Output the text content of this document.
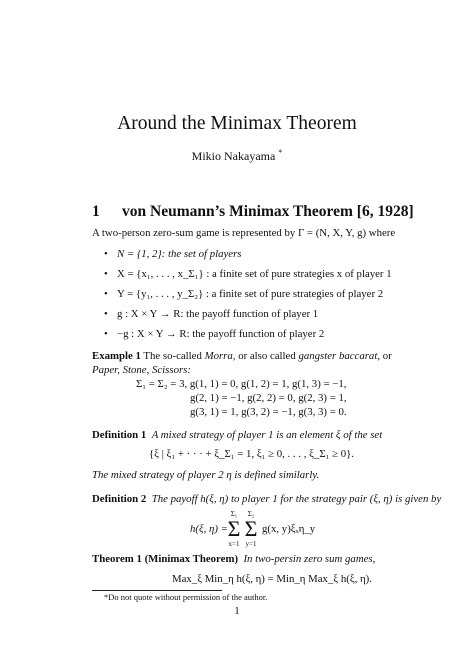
Around the Minimax Theorem
Mikio Nakayama *
1 von Neumann’s Minimax Theorem [6, 1928]
A two-person zero-sum game is represented by Γ = (N, X, Y, g) where
• N = {1, 2}: the set of players
• X = {x₁, . . . , x_Σ₁} : a finite set of pure strategies x of player 1
• Y = {y₁, . . . , y_Σ₂} : a finite set of pure strategies of player 2
• g : X × Y → R: the payoff function of player 1
• −g : X × Y → R: the payoff function of player 2
Example 1 The so-called Morra, or also called gangster baccarat, or Paper, Stone, Scissors:
Σ₁ = Σ₂ = 3, g(1, 1) = 0, g(1, 2) = 1, g(1, 3) = −1,
g(2, 1) = −1, g(2, 2) = 0, g(2, 3) = 1,
g(3, 1) = 1, g(3, 2) = −1, g(3, 3) = 0.
Definition 1 A mixed strategy of player 1 is an element ξ of the set
{ξ | ξ₁ + · · · + ξ_Σ₁ = 1, ξ₁ ≥ 0, . . . , ξ_Σ₁ ≥ 0}.
The mixed strategy of player 2 η is defined similarly.
Definition 2 The payoff h(ξ, η) to player 1 for the strategy pair (ξ, η) is given by
h(ξ, η) =
Σ₁
Σ
x=1
Σ₂
Σ
y=1
g(x, y)ξₓη_y
Theorem 1 (Minimax Theorem) In two-persin zero sum games,
Max_ξ Min_η h(ξ, η) = Min_η Max_ξ h(ξ, η).
*Do not quote without permission of the author.
1
